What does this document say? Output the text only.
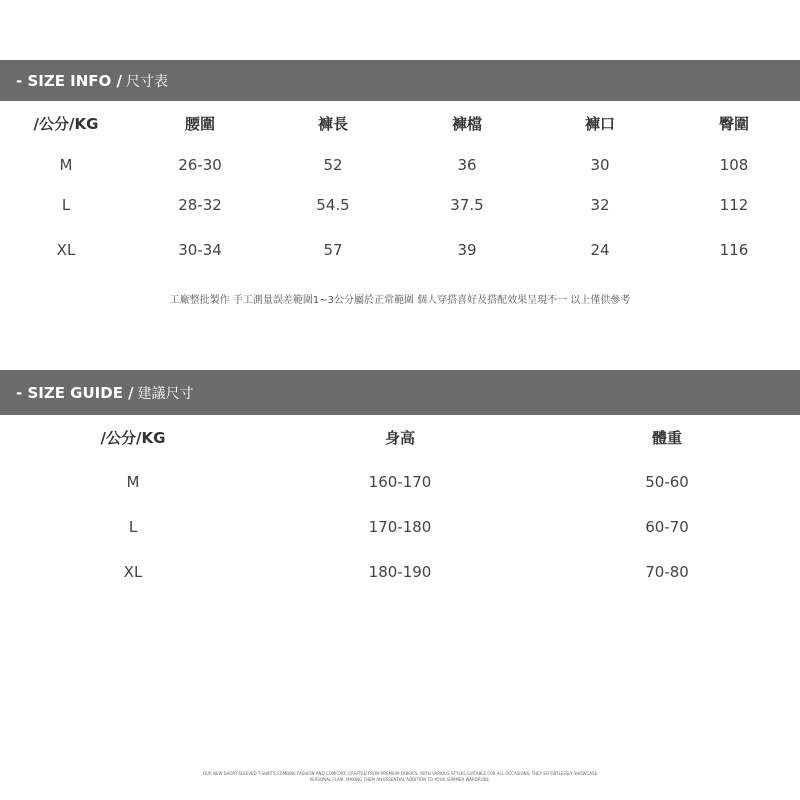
- SIZE INFO / 尺寸表
/公分/KG	腰圍	褲長	褲檔	褲口	臀圍
M	26-30	52	36	30	108
L	28-32	54.5	37.5	32	112
XL	30-34	57	39	24	116
工廠整批製作 手工測量誤差範圍1~3公分屬於正常範圍 個人穿搭喜好及搭配效果呈現不一 以上僅供參考
- SIZE GUIDE / 建議尺寸
/公分/KG	身高	體重
M	160-170	50-60
L	170-180	60-70
XL	180-190	70-80
OUR NEW SHORT-SLEEVED T-SHIRTS COMBINE FASHION AND COMFORT, CRAFTED FROM PREMIUM FABRICS. WITH VARIOUS STYLES SUITABLE FOR ALL OCCASIONS, THEY EFFORTLESSLY SHOWCASE PERSONAL FLAIR, MAKING THEM AN ESSENTIAL ADDITION TO YOUR SUMMER WARDROBE.
